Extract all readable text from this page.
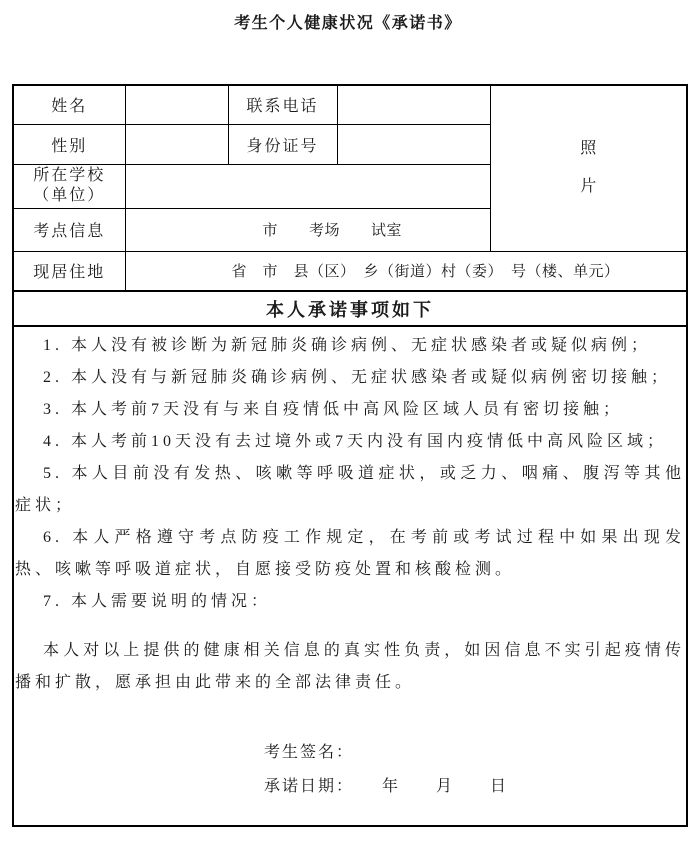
考生个人健康状况《承诺书》
姓名		联系电话		照
片

性别		身份证号		

所在学校
（单位）				

考点信息	市　　考场　　试室			
现居住地	省　市　县（区）　乡（街道）村（委）　号（楼、单元）			
本人承诺事项如下				

1. 本人没有被诊断为新冠肺炎确诊病例、无症状感染者或疑似病例；

2. 本人没有与新冠肺炎确诊病例、无症状感染者或疑似病例密切接触；

3. 本人考前7天没有与来自疫情低中高风险区域人员有密切接触；

4. 本人考前10天没有去过境外或7天内没有国内疫情低中高风险区域；

5. 本人目前没有发热、咳嗽等呼吸道症状，或乏力、咽痛、腹泻等其他症状；

6. 本人严格遵守考点防疫工作规定，在考前或考试过程中如果出现发热、咳嗽等呼吸道症状，自愿接受防疫处置和核酸检测。

7. 本人需要说明的情况：

本人对以上提供的健康相关信息的真实性负责，如因信息不实引起疫情传播和扩散，愿承担由此带来的全部法律责任。

考生签名：
承诺日期：　　年　　月　　日
